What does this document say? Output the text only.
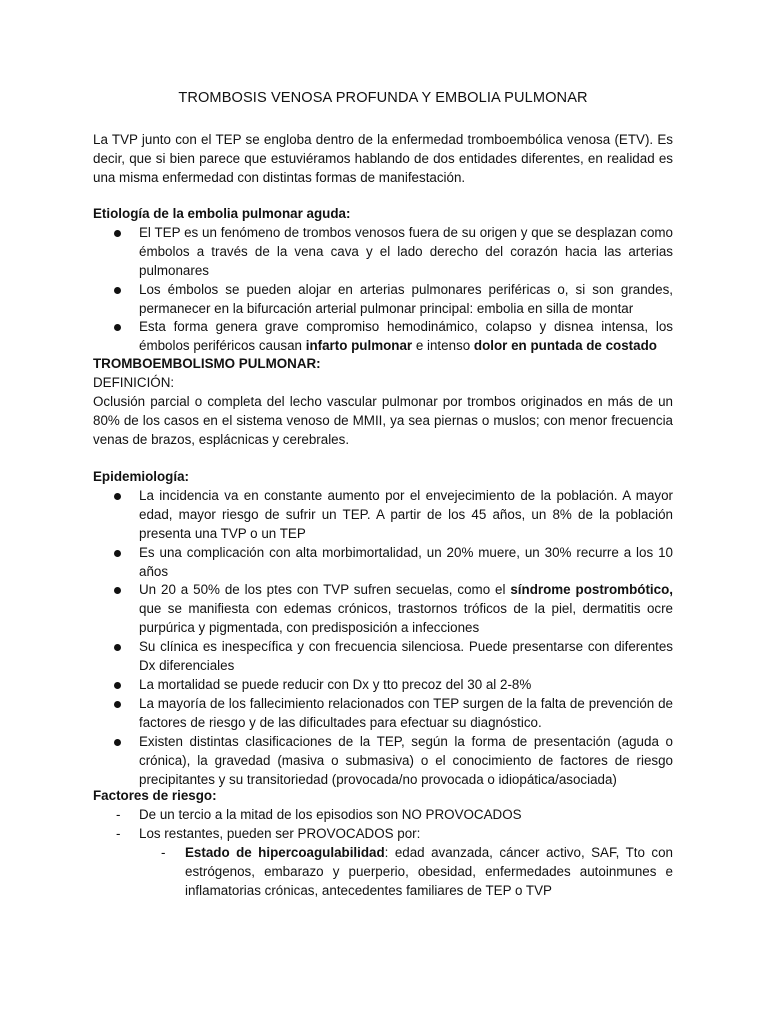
TROMBOSIS VENOSA PROFUNDA Y EMBOLIA PULMONAR

La TVP junto con el TEP se engloba dentro de la enfermedad tromboembólica venosa (ETV). Es decir, que si bien parece que estuviéramos hablando de dos entidades diferentes, en realidad es una misma enfermedad con distintas formas de manifestación.

Etiología de la embolia pulmonar aguda:

El TEP es un fenómeno de trombos venosos fuera de su origen y que se desplazan como émbolos a través de la vena cava y el lado derecho del corazón hacia las arterias pulmonares
Los émbolos se pueden alojar en arterias pulmonares periféricas o, si son grandes, permanecer en la bifurcación arterial pulmonar principal: embolia en silla de montar
Esta forma genera grave compromiso hemodinámico, colapso y disnea intensa, los émbolos periféricos causan infarto pulmonar e intenso dolor en puntada de costado

TROMBOEMBOLISMO PULMONAR:

DEFINICIÓN:

Oclusión parcial o completa del lecho vascular pulmonar por trombos originados en más de un 80% de los casos en el sistema venoso de MMII, ya sea piernas o muslos; con menor frecuencia venas de brazos, esplácnicas y cerebrales.

Epidemiología:

La incidencia va en constante aumento por el envejecimiento de la población. A mayor edad, mayor riesgo de sufrir un TEP. A partir de los 45 años, un 8% de la población presenta una TVP o un TEP
Es una complicación con alta morbimortalidad, un 20% muere, un 30% recurre a los 10 años
Un 20 a 50% de los ptes con TVP sufren secuelas, como el síndrome postrombótico, que se manifiesta con edemas crónicos, trastornos tróficos de la piel, dermatitis ocre purpúrica y pigmentada, con predisposición a infecciones
Su clínica es inespecífica y con frecuencia silenciosa. Puede presentarse con diferentes Dx diferenciales
La mortalidad se puede reducir con Dx y tto precoz del 30 al 2-8%
La mayoría de los fallecimiento relacionados con TEP surgen de la falta de prevención de factores de riesgo y de las dificultades para efectuar su diagnóstico.
Existen distintas clasificaciones de la TEP, según la forma de presentación (aguda o crónica), la gravedad (masiva o submasiva) o el conocimiento de factores de riesgo precipitantes y su transitoriedad (provocada/no provocada o idiopática/asociada)

Factores de riesgo:

- De un tercio a la mitad de los episodios son NO PROVOCADOS
- Los restantes, pueden ser PROVOCADOS por:
- Estado de hipercoagulabilidad: edad avanzada, cáncer activo, SAF, Tto con estrógenos, embarazo y puerperio, obesidad, enfermedades autoinmunes e inflamatorias crónicas, antecedentes familiares de TEP o TVP
